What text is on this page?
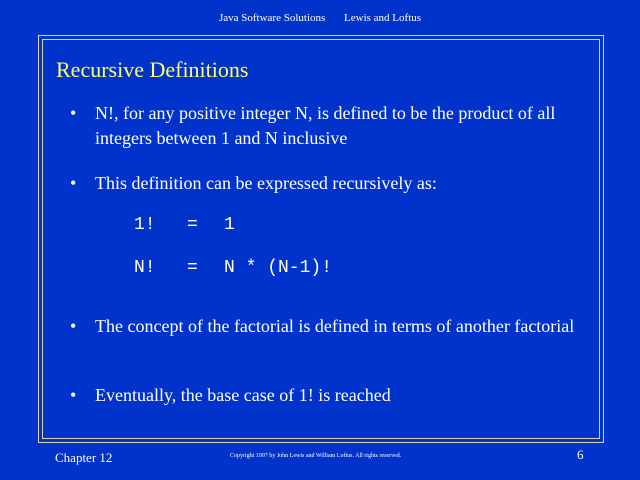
Java Software Solutions Lewis and Loftus
Recursive Definitions
•	N!, for any positive integer N, is defined to be the product of all integers between 1 and N inclusive
•	This definition can be expressed recursively as:
1! = 1
N! = N * (N-1)!
•	The concept of the factorial is defined in terms of another factorial
•	Eventually, the base case of 1! is reached
Chapter 12	Copyright 1997 by John Lewis and William Loftus. All rights reserved.	6
